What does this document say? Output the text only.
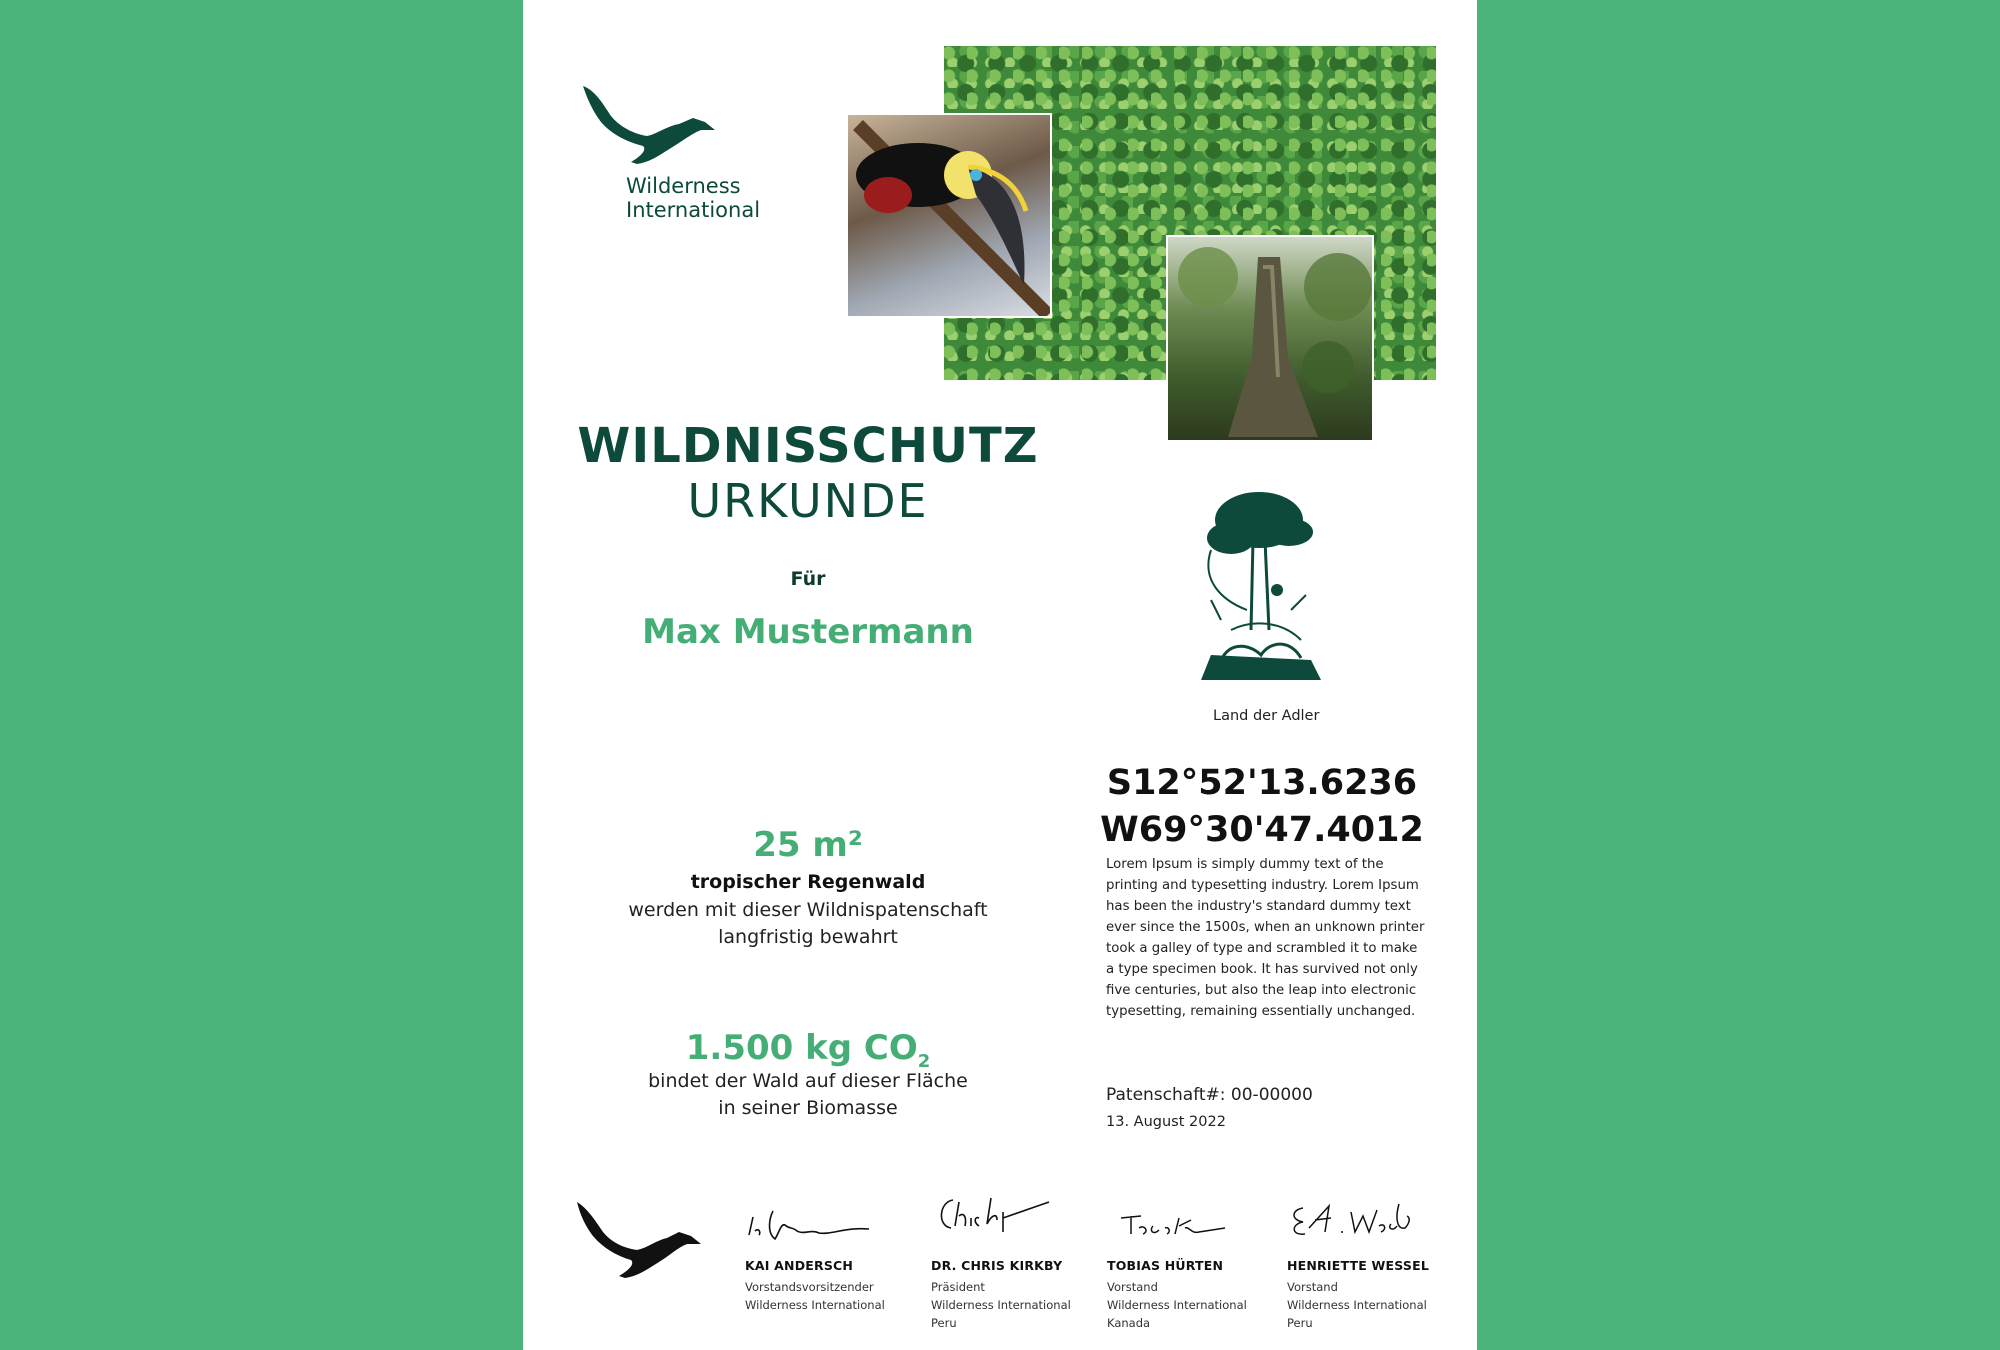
Wilderness
International
WILDNISSCHUTZ
URKUNDE
Für
Max Mustermann
Land der Adler
S12°52'13.6236
W69°30'47.4012
Lorem Ipsum is simply dummy text of the
printing and typesetting industry. Lorem Ipsum
has been the industry's standard dummy text
ever since the 1500s, when an unknown printer
took a galley of type and scrambled it to make
a type specimen book. It has survived not only
five centuries, but also the leap into electronic
typesetting, remaining essentially unchanged.
25 m²
tropischer Regenwald
werden mit dieser Wildnispatenschaft
langfristig bewahrt
1.500 kg $CO_2$
bindet der Wald auf dieser Fläche
in seiner Biomasse
Patenschaft#: 00-00000
13. August 2022
KAI ANDERSCH
Vorstandsvorsitzender
Wilderness International
DR. CHRIS KIRKBY
Präsident
Wilderness International
Peru
TOBIAS HÜRTEN
Vorstand
Wilderness International
Kanada
HENRIETTE WESSEL
Vorstand
Wilderness International
Peru
